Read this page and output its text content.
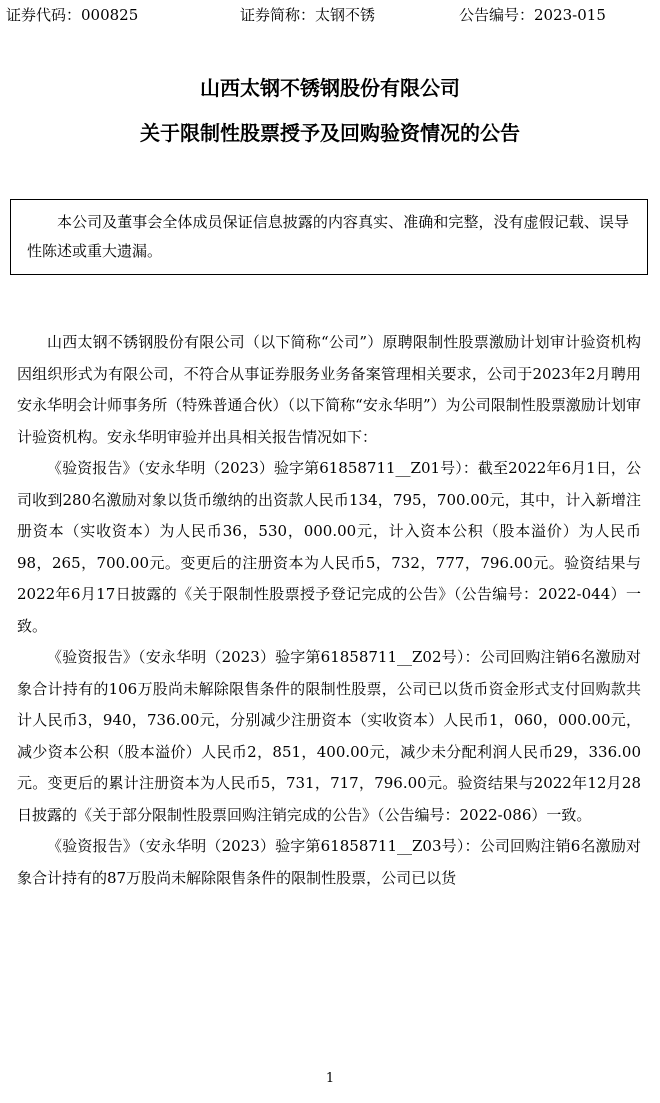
证券代码：000825	证券简称：太钢不锈	公告编号：2023-015
山西太钢不锈钢股份有限公司
关于限制性股票授予及回购验资情况的公告
本公司及董事会全体成员保证信息披露的内容真实、准确和完整，没有虚假记载、误导性陈述或重大遗漏。

山西太钢不锈钢股份有限公司（以下简称“公司”）原聘限制性股票激励计划审计验资机构因组织形式为有限公司，不符合从事证券服务业务备案管理相关要求，公司于2023年2月聘用安永华明会计师事务所（特殊普通合伙）（以下简称“安永华明”）为公司限制性股票激励计划审计验资机构。安永华明审验并出具相关报告情况如下：

《验资报告》（安永华明（2023）验字第61858711__Z01号）：截至2022年6月1日，公司收到280名激励对象以货币缴纳的出资款人民币134，795，700.00元，其中，计入新增注册资本（实收资本）为人民币36，530，000.00元，计入资本公积（股本溢价）为人民币98，265，700.00元。变更后的注册资本为人民币5，732，777，796.00元。验资结果与2022年6月17日披露的《关于限制性股票授予登记完成的公告》（公告编号：2022-044）一致。

《验资报告》（安永华明（2023）验字第61858711__Z02号）：公司回购注销6名激励对象合计持有的106万股尚未解除限售条件的限制性股票，公司已以货币资金形式支付回购款共计人民币3，940，736.00元，分别减少注册资本（实收资本）人民币1，060，000.00元，减少资本公积（股本溢价）人民币2，851，400.00元，减少未分配利润人民币29，336.00元。变更后的累计注册资本为人民币5，731，717，796.00元。验资结果与2022年12月28日披露的《关于部分限制性股票回购注销完成的公告》（公告编号：2022-086）一致。

《验资报告》（安永华明（2023）验字第61858711__Z03号）：公司回购注销6名激励对象合计持有的87万股尚未解除限售条件的限制性股票，公司已以货

1
